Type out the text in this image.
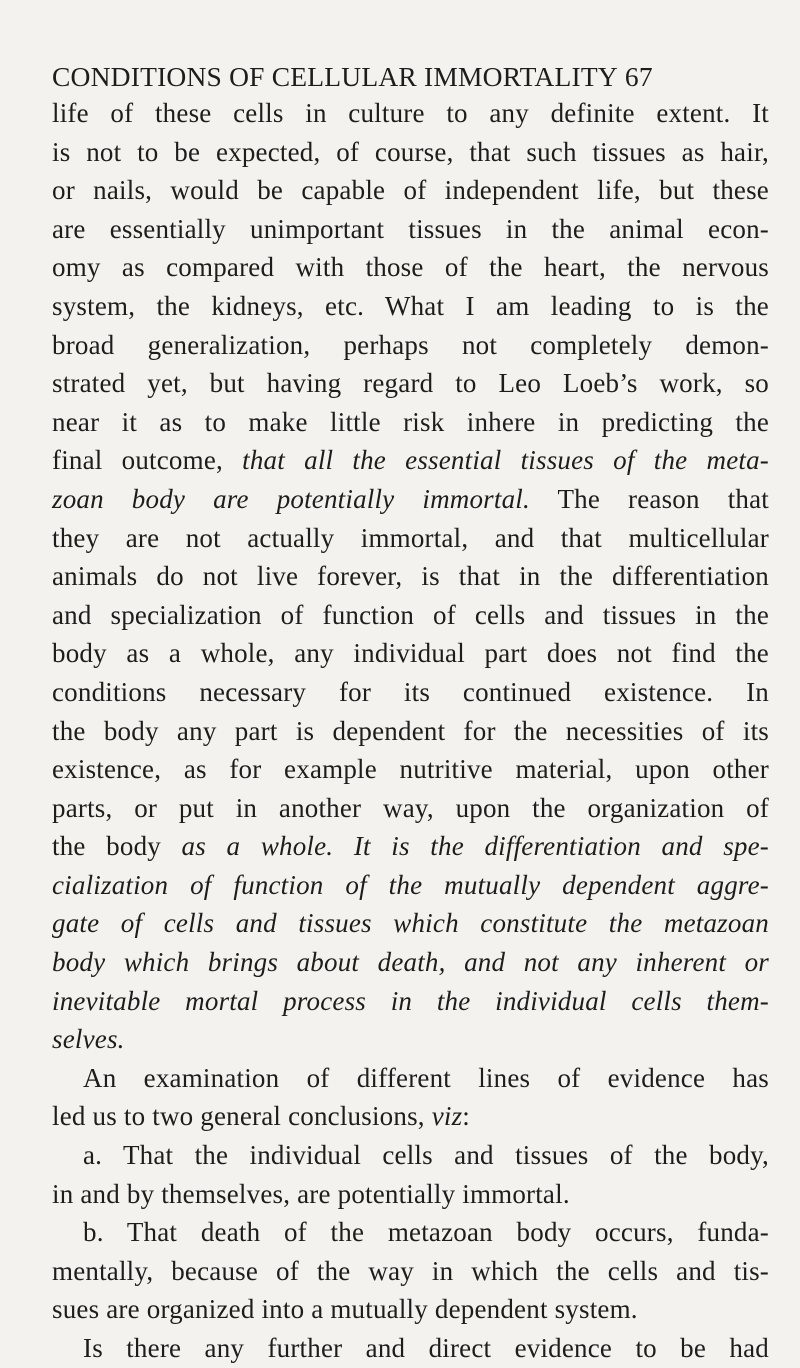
CONDITIONS OF CELLULAR IMMORTALITY 67
life of these cells in culture to any definite extent. It
is not to be expected, of course, that such tissues as hair,
or nails, would be capable of independent life, but these
are essentially unimportant tissues in the animal econ-
omy as compared with those of the heart, the nervous
system, the kidneys, etc. What I am leading to is the
broad generalization, perhaps not completely demon-
strated yet, but having regard to Leo Loeb’s work, so
near it as to make little risk inhere in predicting the
final outcome, that all the essential tissues of the meta-
zoan body are potentially immortal. The reason that
they are not actually immortal, and that multicellular
animals do not live forever, is that in the differentiation
and specialization of function of cells and tissues in the
body as a whole, any individual part does not find the
conditions necessary for its continued existence. In
the body any part is dependent for the necessities of its
existence, as for example nutritive material, upon other
parts, or put in another way, upon the organization of
the body as a whole. It is the differentiation and spe-
cialization of function of the mutually dependent aggre-
gate of cells and tissues which constitute the metazoan
body which brings about death, and not any inherent or
inevitable mortal process in the individual cells them-
selves.
An examination of different lines of evidence has
led us to two general conclusions, viz:
a. That the individual cells and tissues of the body,
in and by themselves, are potentially immortal.
b. That death of the metazoan body occurs, funda-
mentally, because of the way in which the cells and tis-
sues are organized into a mutually dependent system.
Is there any further and direct evidence to be had
